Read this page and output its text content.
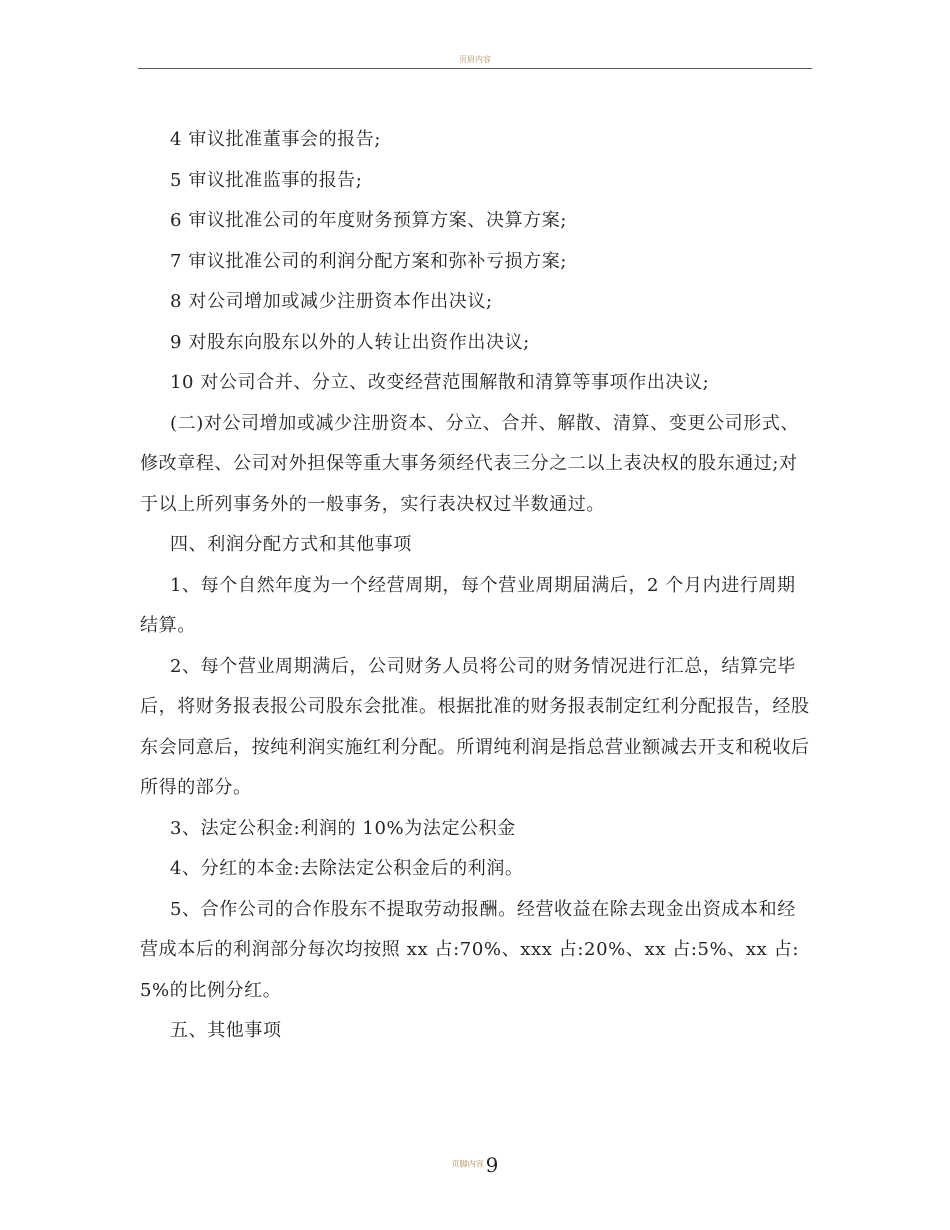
页眉内容

4 审议批准董事会的报告;

5 审议批准监事的报告;

6 审议批准公司的年度财务预算方案、决算方案;

7 审议批准公司的利润分配方案和弥补亏损方案;

8 对公司增加或减少注册资本作出决议;

9 对股东向股东以外的人转让出资作出决议;

10 对公司合并、分立、改变经营范围解散和清算等事项作出决议;

(二)对公司增加或减少注册资本、分立、合并、解散、清算、变更公司形式、修改章程、公司对外担保等重大事务须经代表三分之二以上表决权的股东通过;对于以上所列事务外的一般事务，实行表决权过半数通过。

四、利润分配方式和其他事项

1、每个自然年度为一个经营周期，每个营业周期届满后，2 个月内进行周期结算。

2、每个营业周期满后，公司财务人员将公司的财务情况进行汇总，结算完毕后，将财务报表报公司股东会批准。根据批准的财务报表制定红利分配报告，经股东会同意后，按纯利润实施红利分配。所谓纯利润是指总营业额减去开支和税收后所得的部分。

3、法定公积金:利润的 10%为法定公积金

4、分红的本金:去除法定公积金后的利润。

5、合作公司的合作股东不提取劳动报酬。经营收益在除去现金出资成本和经营成本后的利润部分每次均按照 xx 占:70%、xxx 占:20%、xx 占:5%、xx 占:5%的比例分红。

五、其他事项

页脚内容 9
